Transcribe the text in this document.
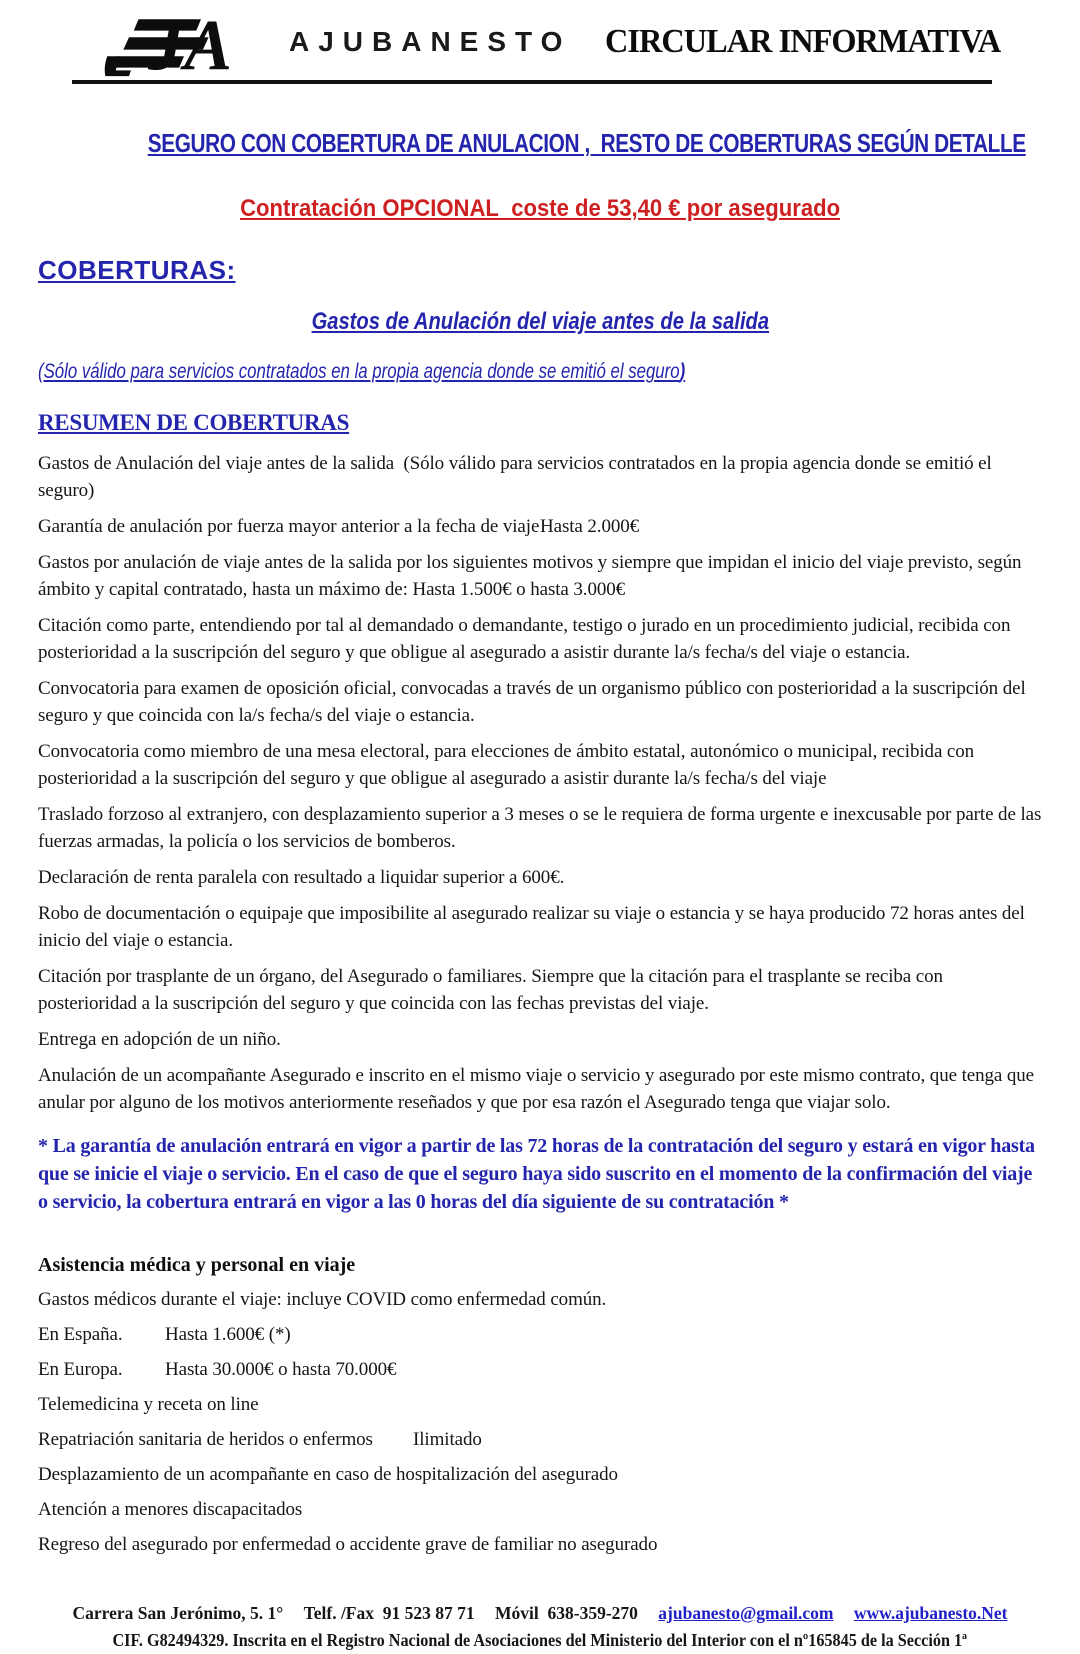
JA AJUBANESTO CIRCULAR INFORMATIVA
SEGURO CON COBERTURA DE ANULACION ,  RESTO DE COBERTURAS SEGÚN DETALLE
Contratación OPCIONAL  coste de 53,40 € por asegurado
COBERTURAS:
Gastos de Anulación del viaje antes de la salida
(Sólo válido para servicios contratados en la propia agencia donde se emitió el seguro)
RESUMEN DE COBERTURAS

Gastos de Anulación del viaje antes de la salida  (Sólo válido para servicios contratados en la propia agencia donde se emitió el seguro)

Garantía de anulación por fuerza mayor anterior a la fecha de viajeHasta 2.000€

Gastos por anulación de viaje antes de la salida por los siguientes motivos y siempre que impidan el inicio del viaje previsto, según ámbito y capital contratado, hasta un máximo de: Hasta 1.500€ o hasta 3.000€

Citación como parte, entendiendo por tal al demandado o demandante, testigo o jurado en un procedimiento judicial, recibida con posterioridad a la suscripción del seguro y que obligue al asegurado a asistir durante la/s fecha/s del viaje o estancia.

Convocatoria para examen de oposición oficial, convocadas a través de un organismo público con posterioridad a la suscripción del seguro y que coincida con la/s fecha/s del viaje o estancia.

Convocatoria como miembro de una mesa electoral, para elecciones de ámbito estatal, autonómico o municipal, recibida con posterioridad a la suscripción del seguro y que obligue al asegurado a asistir durante la/s fecha/s del viaje

Traslado forzoso al extranjero, con desplazamiento superior a 3 meses o se le requiera de forma urgente e inexcusable por parte de las fuerzas armadas, la policía o los servicios de bomberos.

Declaración de renta paralela con resultado a liquidar superior a 600€.

Robo de documentación o equipaje que imposibilite al asegurado realizar su viaje o estancia y se haya producido 72 horas antes del inicio del viaje o estancia.

Citación por trasplante de un órgano, del Asegurado o familiares. Siempre que la citación para el trasplante se reciba con posterioridad a la suscripción del seguro y que coincida con las fechas previstas del viaje.

Entrega en adopción de un niño.

Anulación de un acompañante Asegurado e inscrito en el mismo viaje o servicio y asegurado por este mismo contrato, que tenga que anular por alguno de los motivos anteriormente reseñados y que por esa razón el Asegurado tenga que viajar solo.

* La garantía de anulación entrará en vigor a partir de las 72 horas de la contratación del seguro y estará en vigor hasta que se inicie el viaje o servicio. En el caso de que el seguro haya sido suscrito en el momento de la confirmación del viaje o servicio, la cobertura entrará en vigor a las 0 horas del día siguiente de su contratación *

Asistencia médica y personal en viaje

Gastos médicos durante el viaje: incluye COVID como enfermedad común.

En España. Hasta 1.600€ (*)

En Europa. Hasta 30.000€ o hasta 70.000€

Telemedicina y receta on line

Repatriación sanitaria de heridos o enfermos Ilimitado

Desplazamiento de un acompañante en caso de hospitalización del asegurado

Atención a menores discapacitados

Regreso del asegurado por enfermedad o accidente grave de familiar no asegurado

Carrera San Jerónimo, 5. 1° Telf. /Fax  91 523 87 71 Móvil  638-359-270 ajubanesto@gmail.com www.ajubanesto.Net

CIF. G82494329. Inscrita en el Registro Nacional de Asociaciones del Ministerio del Interior con el nº165845 de la Sección 1ª
